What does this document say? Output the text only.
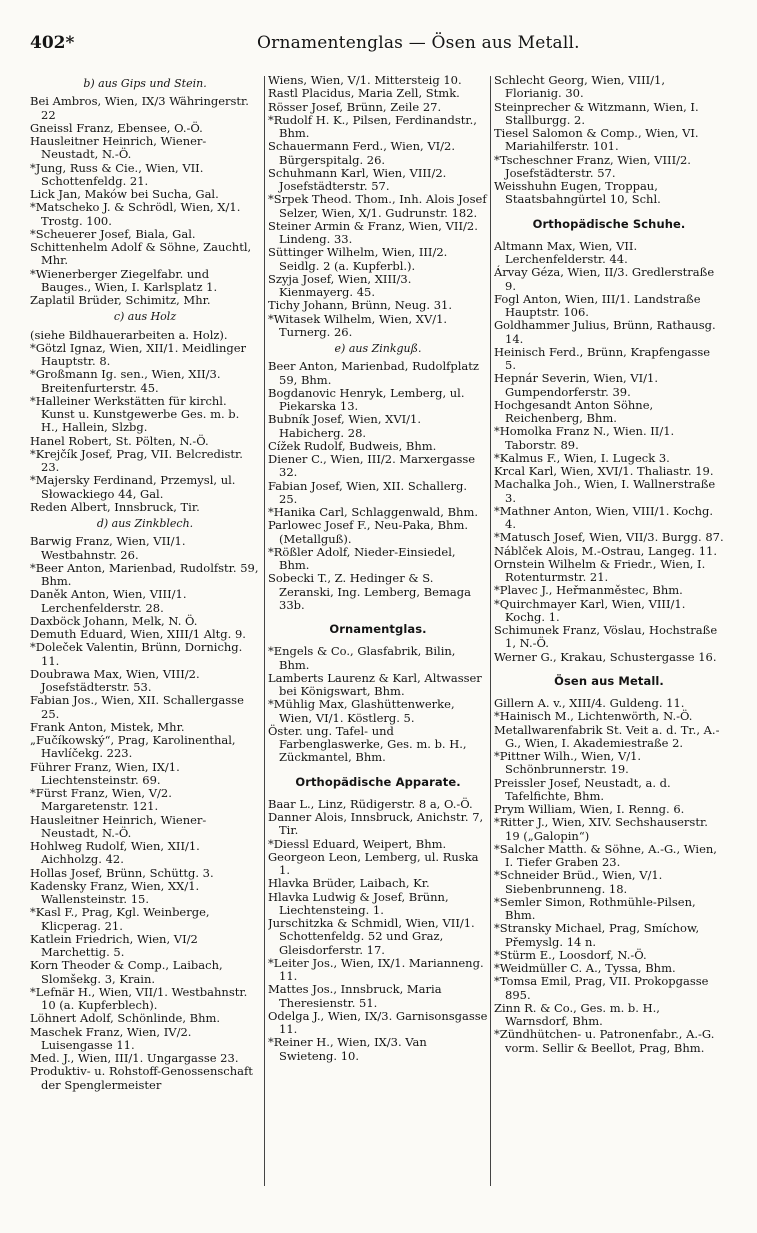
402*	Ornamentenglas — Ösen aus Metall.

b) aus Gips und Stein.

Bei Ambros, Wien, IX/3 Währingerstr. 22

Gneissl Franz, Ebensee, O.-Ö.

Hausleitner Heinrich, Wiener-Neustadt, N.-Ö.

*Jung, Russ & Cie., Wien, VII. Schottenfeldg. 21.

Lick Jan, Maków bei Sucha, Gal.

*Matschekо J. & Schrödl, Wien, X/1. Trostg. 100.

*Scheuerer Josef, Biala, Gal.

Schittenhelm Adolf & Söhne, Zauchtl, Mhr.

*Wienerberger Ziegelfabr. und Bauges., Wien, I. Karlsplatz 1.

Zaplatil Brüder, Schimitz, Mhr.

c) aus Holz

(siehe Bildhauerarbeiten a. Holz).

*Götzl Ignaz, Wien, XII/1. Meidlinger Hauptstr. 8.

*Großmann Ig. sen., Wien, XII/3. Breitenfurterstr. 45.

*Halleiner Werkstätten für kirchl. Kunst u. Kunstgewerbe Ges. m. b. H., Hallein, Slzbg.

Hanel Robert, St. Pölten, N.-Ö.

*Krejčík Josef, Prag, VII. Belcredistr. 23.

*Majersky Ferdinand, Przemysl, ul. Słowackiego 44, Gal.

Reden Albert, Innsbruck, Tir.

d) aus Zinkblech.

Barwig Franz, Wien, VII/1. Westbahnstr. 26.

*Beer Anton, Marienbad, Rudolfstr. 59, Bhm.

Daněk Anton, Wien, VIII/1. Lerchenfelderstr. 28.

Daxböck Johann, Melk, N. Ö.

Demuth Eduard, Wien, XIII/1 Altg. 9.

*Doleček Valentin, Brünn, Dornichg. 11.

Doubrawa Max, Wien, VIII/2. Josefstädterstr. 53.

Fabian Jos., Wien, XII. Schallergasse 25.

Frank Anton, Mistek, Mhr.

„Fučíkowský“, Prag, Karolinenthal, Havlíčekg. 223.

Führer Franz, Wien, IX/1. Liechtensteinstr. 69.

*Fürst Franz, Wien, V/2. Margaretenstr. 121.

Hausleitner Heinrich, Wiener-Neustadt, N.-Ö.

Hohlweg Rudolf, Wien, XII/1. Aichholzg. 42.

Hollas Josef, Brünn, Schüttg. 3.

Kadensky Franz, Wien, XX/1. Wallensteinstr. 15.

*Kasl F., Prag, Kgl. Weinberge, Klicperag. 21.

Katlein Friedrich, Wien, VI/2 Marchettig. 5.

Korn Theoder & Comp., Laibach, Slomšekg. 3, Krain.

*Lefnär H., Wien, VII/1. Westbahnstr. 10 (a. Kupferblech).

Löhnert Adolf, Schönlinde, Bhm.

Maschek Franz, Wien, IV/2. Luisengasse 11.

Med. J., Wien, III/1. Ungargasse 23.

Produktiv- u. Rohstoff-Genossenschaft der Spenglermeister

Wiens, Wien, V/1. Mittersteig 10.

Rastl Placidus, Maria Zell, Stmk.

Rösser Josef, Brünn, Zeile 27.

*Rudolf H. K., Pilsen, Ferdinandstr., Bhm.

Schauermann Ferd., Wien, VI/2. Bürgerspitalg. 26.

Schuhmann Karl, Wien, VIII/2. Josefstädterstr. 57.

*Srpek Theod. Thom., Inh. Alois Josef Selzer, Wien, X/1. Gudrunstr. 182.

Steiner Armin & Franz, Wien, VII/2. Lindeng. 33.

Süttinger Wilhelm, Wien, III/2. Seidlg. 2 (a. Kupferbl.).

Szyja Josef, Wien, XIII/3. Kienmayerg. 45.

Tichy Johann, Brünn, Neug. 31.

*Witasek Wilhelm, Wien, XV/1. Turnerg. 26.

e) aus Zinkguß.

Beer Anton, Marienbad, Rudolfplatz 59, Bhm.

Bogdanovic Henryk, Lemberg, ul. Piekarska 13.

Bubník Josef, Wien, XVI/1. Habicherg. 28.

Cížek Rudolf, Budweis, Bhm.

Diener C., Wien, III/2. Marxergasse 32.

Fabian Josef, Wien, XII. Schallerg. 25.

*Hanika Carl, Schlaggenwald, Bhm.

Parlowec Josef F., Neu-Paka, Bhm. (Metallguß).

*Rößler Adolf, Nieder-Einsiedel, Bhm.

Sobecki T., Z. Hedinger & S. Zeranski, Ing. Lemberg, Bemaga 33b.

Ornamentglas.

*Engels & Co., Glasfabrik, Bilin, Bhm.

Lamberts Laurenz & Karl, Altwasser bei Königswart, Bhm.

*Mühlig Max, Glashüttenwerke, Wien, VI/1. Köstlerg. 5.

Öster. ung. Tafel- und Farbenglaswerke, Ges. m. b. H., Zückmantel, Bhm.

Orthopädische Apparate.

Baar L., Linz, Rüdigerstr. 8 a, O.-Ö.

Danner Alois, Innsbruck, Anichstr. 7, Tir.

*Diessl Eduard, Weipert, Bhm.

Georgeon Leon, Lemberg, ul. Ruska 1.

Hlavka Brüder, Laibach, Kr.

Hlavka Ludwig & Josef, Brünn, Liechtensteing. 1.

Jurschitzka & Schmidl, Wien, VII/1. Schottenfeldg. 52 und Graz, Gleisdorferstr. 17.

*Leiter Jos., Wien, IX/1. Mariannеng. 11.

Mattes Jos., Innsbruck, Maria Theresienstr. 51.

Odelga J., Wien, IX/3. Garnisonsgasse 11.

*Reiner H., Wien, IX/3. Van Swieteng. 10.

Schlecht Georg, Wien, VIII/1, Florianig. 30.

Steinprecher & Witzmann, Wien, I. Stallburgg. 2.

Tiesel Salomon & Comp., Wien, VI. Mariahilferstr. 101.

*Tscheschner Franz, Wien, VIII/2. Josefstädterstr. 57.

Weisshuhn Eugen, Troppau, Staatsbahngürtel 10, Schl.

Orthopädische Schuhe.

Altmann Max, Wien, VII. Lerchenfelderstr. 44.

Árvay Géza, Wien, II/3. Gredlerstraße 9.

Fogl Anton, Wien, III/1. Landstraße Hauptstr. 106.

Goldhammer Julius, Brünn, Rathausg. 14.

Heinisch Ferd., Brünn, Krapfengasse 5.

Hepnár Severin, Wien, VI/1. Gumpendorferstr. 39.

Hochgesandt Anton Söhne, Reichenberg, Bhm.

*Homolka Franz N., Wien. II/1. Taborstr. 89.

*Kalmus F., Wien, I. Lugeck 3.

Krcal Karl, Wien, XVI/1. Thaliastr. 19.

Machalka Joh., Wien, I. Wallnerstraße 3.

*Mathner Anton, Wien, VIII/1. Kochg. 4.

*Matusch Josef, Wien, VII/3. Burgg. 87.

Náblček Alois, M.-Ostrau, Langeg. 11.

Ornstein Wilhelm & Friedr., Wien, I. Rotenturmstr. 21.

*Plavec J., Heřmanměstec, Bhm.

*Quirchmayer Karl, Wien, VIII/1. Kochg. 1.

Schimunek Franz, Vöslau, Hochstraße 1, N.-Ö.

Werner G., Krakau, Schustergasse 16.

Ösen aus Metall.

Gillern A. v., XIII/4. Guldeng. 11.

*Hainisch M., Lichtenwörth, N.-Ö.

Metallwarenfabrik St. Veit a. d. Tr., A.-G., Wien, I. Akademiestraße 2.

*Pittner Wilh., Wien, V/1. Schönbrunnerstr. 19.

Preissler Josef, Neustadt, a. d. Tafelfichte, Bhm.

Prym William, Wien, I. Renng. 6.

*Ritter J., Wien, XIV. Sechshauserstr. 19 („Galopin“)

*Salcher Matth. & Söhne, A.-G., Wien, I. Tiefer Graben 23.

*Schneider Brüd., Wien, V/1. Siebenbrunneng. 18.

*Semler Simon, Rothmühle-Pilsen, Bhm.

*Stransky Michael, Prag, Smíchow, Přemyslg. 14 n.

*Stürm E., Loosdorf, N.-Ö.

*Weidmüller C. A., Tyssa, Bhm.

*Tomsa Emil, Prag, VII. Prokopgasse 895.

Zinn R. & Co., Ges. m. b. H., Warnsdorf, Bhm.

*Zündhütchen- u. Patronenfabr., A.-G. vorm. Sellir & Beellot, Prag, Bhm.
